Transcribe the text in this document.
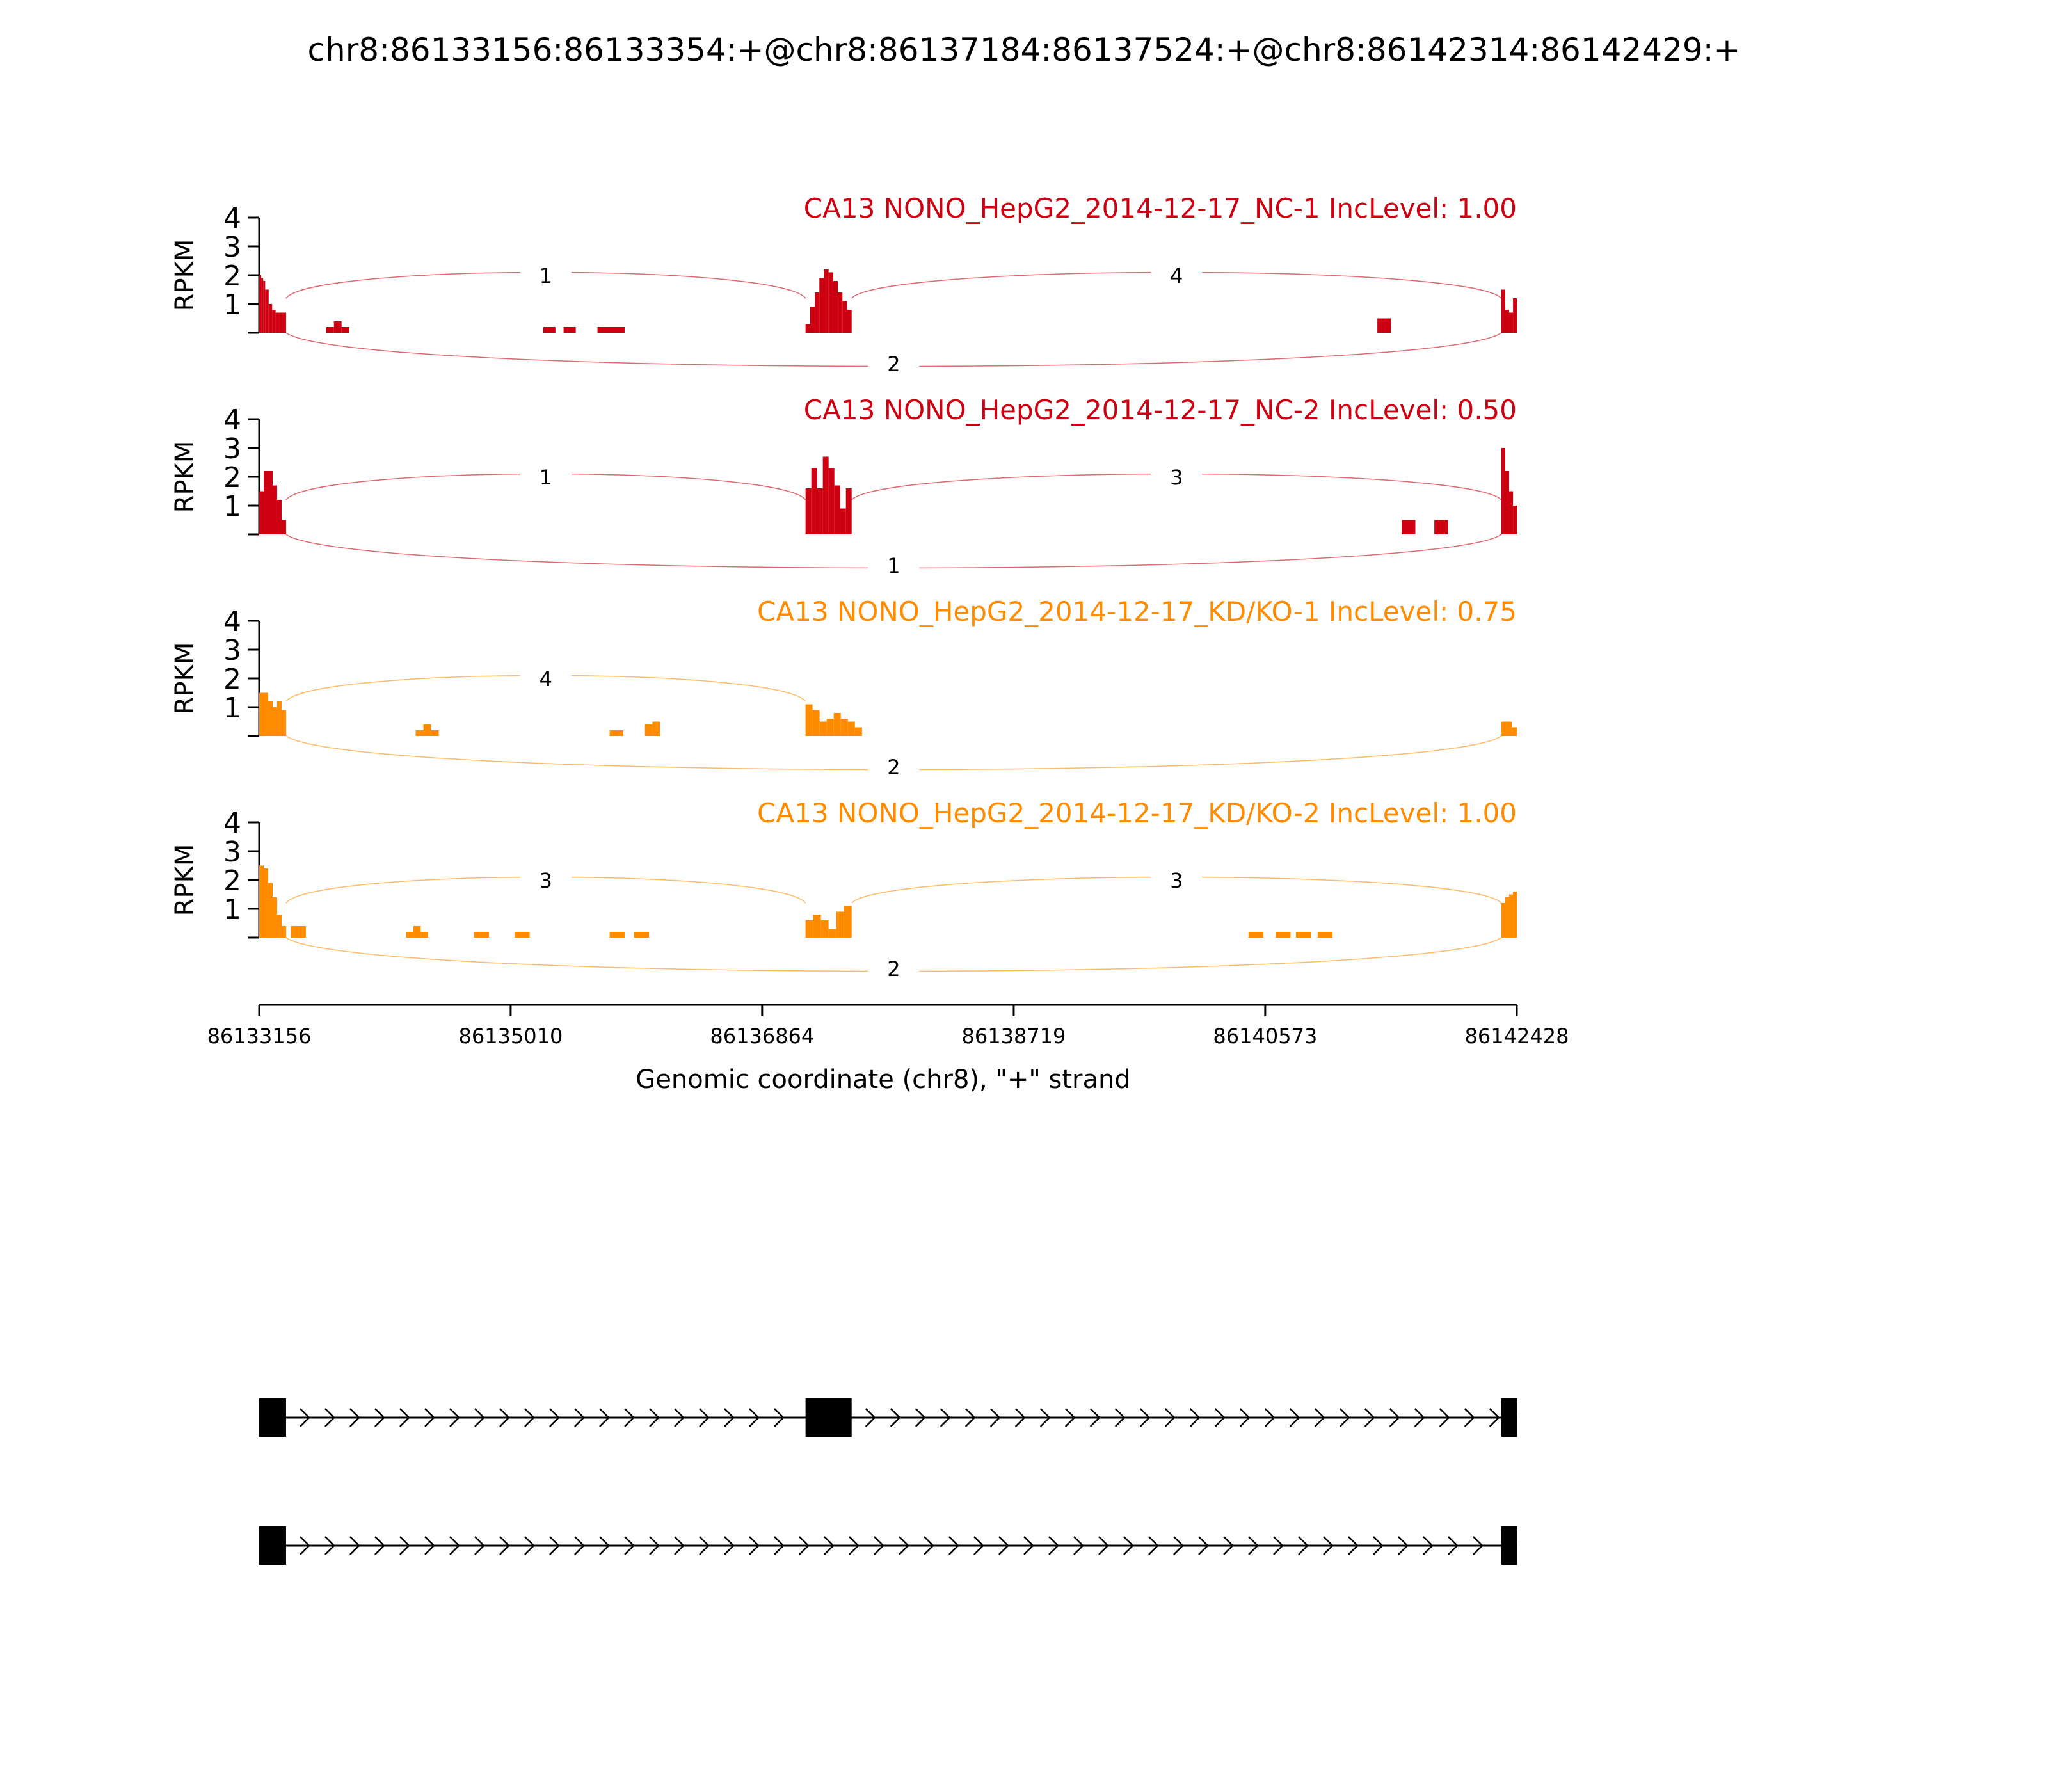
chr8:86133156:86133354:+@chr8:86137184:86137524:+@chr8:86142314:86142429:+
1
2
3
4
RPKM
CA13 NONO_HepG2_2014-12-17_NC-1 IncLevel: 1.00
1	4
2
1
2
3
4
RPKM
CA13 NONO_HepG2_2014-12-17_NC-2 IncLevel: 0.50
1	3
1
1
2
3
4
RPKM
CA13 NONO_HepG2_2014-12-17_KD/KO-1 IncLevel: 0.75
4
2
1
2
3
4
RPKM
CA13 NONO_HepG2_2014-12-17_KD/KO-2 IncLevel: 1.00
3	3
2
86133156	86135010	86136864	86138719	86140573	86142428
Genomic coordinate (chr8), "+" strand
